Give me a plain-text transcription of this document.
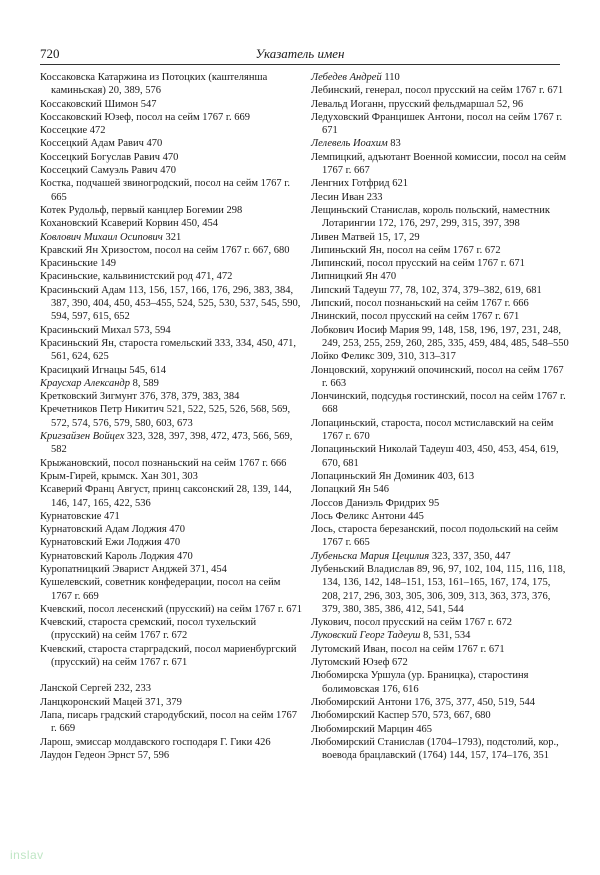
720	Указатель имен
Коссаковска Катаржина из Потоцких (каштелянша каминьская) 20, 389, 576
Коссаковский Шимон 547
Коссаковский Юзеф, посол на сейм 1767 г. 669
Коссецкие 472
Коссецкий Адам Равич 470
Коссецкий Богуслав Равич 470
Коссецкий Самуэль Равич 470
Костка, подчашей звиногродский, посол на сейм 1767 г. 665
Котек Рудольф, первый канцлер Богемии 298
Кохановский Ксаверий Корвин 450, 454
Ковлович Михаил Осипович 321
Кравский Ян Хризостом, посол на сейм 1767 г. 667, 680
Красиньские 149
Красиньские, кальвинистский род 471, 472
Красиньский Адам 113, 156, 157, 166, 176, 296, 383, 384, 387, 390, 404, 450, 453–455, 524, 525, 530, 537, 545, 590, 594, 597, 615, 652
Красиньский Михал 573, 594
Красиньский Ян, староста гомельский 333, 334, 450, 471, 561, 624, 625
Красицкий Игнацы 545, 614
Краусхар Александр 8, 589
Кретковский Зигмунт 376, 378, 379, 383, 384
Кречетников Петр Никитич 521, 522, 525, 526, 568, 569, 572, 574, 576, 579, 580, 603, 673
Кригзайзен Войцех 323, 328, 397, 398, 472, 473, 566, 569, 582
Крыжановский, посол познаньский на сейм 1767 г. 666
Крым-Гирей, крымск. Хан 301, 303
Ксаверий Франц Август, принц саксонский 28, 139, 144, 146, 147, 165, 422, 536
Курнатовские 471
Курнатовский Адам Лоджия 470
Курнатовский Ежи Лоджия 470
Курнатовский Кароль Лоджия 470
Куропатницкий Эварист Анджей 371, 454
Кушелевский, советник конфедерации, посол на сейм 1767 г. 669
Кчевский, посол лесенский (прусский) на сейм 1767 г. 671
Кчевский, староста сремский, посол тухельский (прусский) на сейм 1767 г. 672
Кчевский, староста старградский, посол мариенбургский (прусский) на сейм 1767 г. 671
Ланской Сергей 232, 233
Ланцкоронский Мацей 371, 379
Лапа, писарь градский стародубский, посол на сейм 1767 г. 669
Ларош, эмиссар молдавского господаря Г. Гики 426
Лаудон Гедеон Эрнст 57, 596
Лебедев Андрей 110
Лебинский, генерал, посол прусский на сейм 1767 г. 671
Левальд Иоганн, прусский фельдмаршал 52, 96
Ледуховский Францишек Антони, посол на сейм 1767 г. 671
Лелевель Иоахим 83
Лемпицкий, адъютант Военной комиссии, посол на сейм 1767 г. 667
Ленгних Готфрид 621
Лесин Иван 233
Лещиньский Станислав, король польский, наместник Лотарингии 172, 176, 297, 299, 315, 397, 398
Ливен Матвей 15, 17, 29
Липиньский Ян, посол на сейм 1767 г. 672
Липинский, посол прусский на сейм 1767 г. 671
Липницкий Ян 470
Липский Тадеуш 77, 78, 102, 374, 379–382, 619, 681
Липский, посол познаньский на сейм 1767 г. 666
Лнинский, посол прусский на сейм 1767 г. 671
Лобкович Иосиф Мария 99, 148, 158, 196, 197, 231, 248, 249, 253, 255, 259, 260, 285, 335, 459, 484, 485, 548–550
Лойко Феликс 309, 310, 313–317
Лонцовский, хорунжий опочинский, посол на сейм 1767 г. 663
Лончинский, подсудья гостинский, посол на сейм 1767 г. 668
Лопациньский, староста, посол мстиславский на сейм 1767 г. 670
Лопациньский Николай Тадеуш 403, 450, 453, 454, 619, 670, 681
Лопациньский Ян Доминик 403, 613
Лопацкий Ян 546
Лоссов Даниэль Фридрих 95
Лось Феликс Антони 445
Лось, староста березанский, посол подольский на сейм 1767 г. 665
Лубеньска Мария Цецилия 323, 337, 350, 447
Лубеньский Владислав 89, 96, 97, 102, 104, 115, 116, 118, 134, 136, 142, 148–151, 153, 161–165, 167, 174, 175, 208, 217, 296, 303, 305, 306, 309, 313, 363, 373, 376, 379, 380, 385, 386, 412, 541, 544
Лукович, посол прусский на сейм 1767 г. 672
Луковский Георг Тадеуш 8, 531, 534
Лутомский Иван, посол на сейм 1767 г. 671
Лутомский Юзеф 672
Любомирска Уршула (ур. Браницка), старостиня болимовская 176, 616
Любомирский Антони 176, 375, 377, 450, 519, 544
Любомирский Каспер 570, 573, 667, 680
Любомирский Марцин 465
Любомирский Станислав (1704–1793), подстолий, кор., воевода брацлавский (1764) 144, 157, 174–176, 351
inslav
